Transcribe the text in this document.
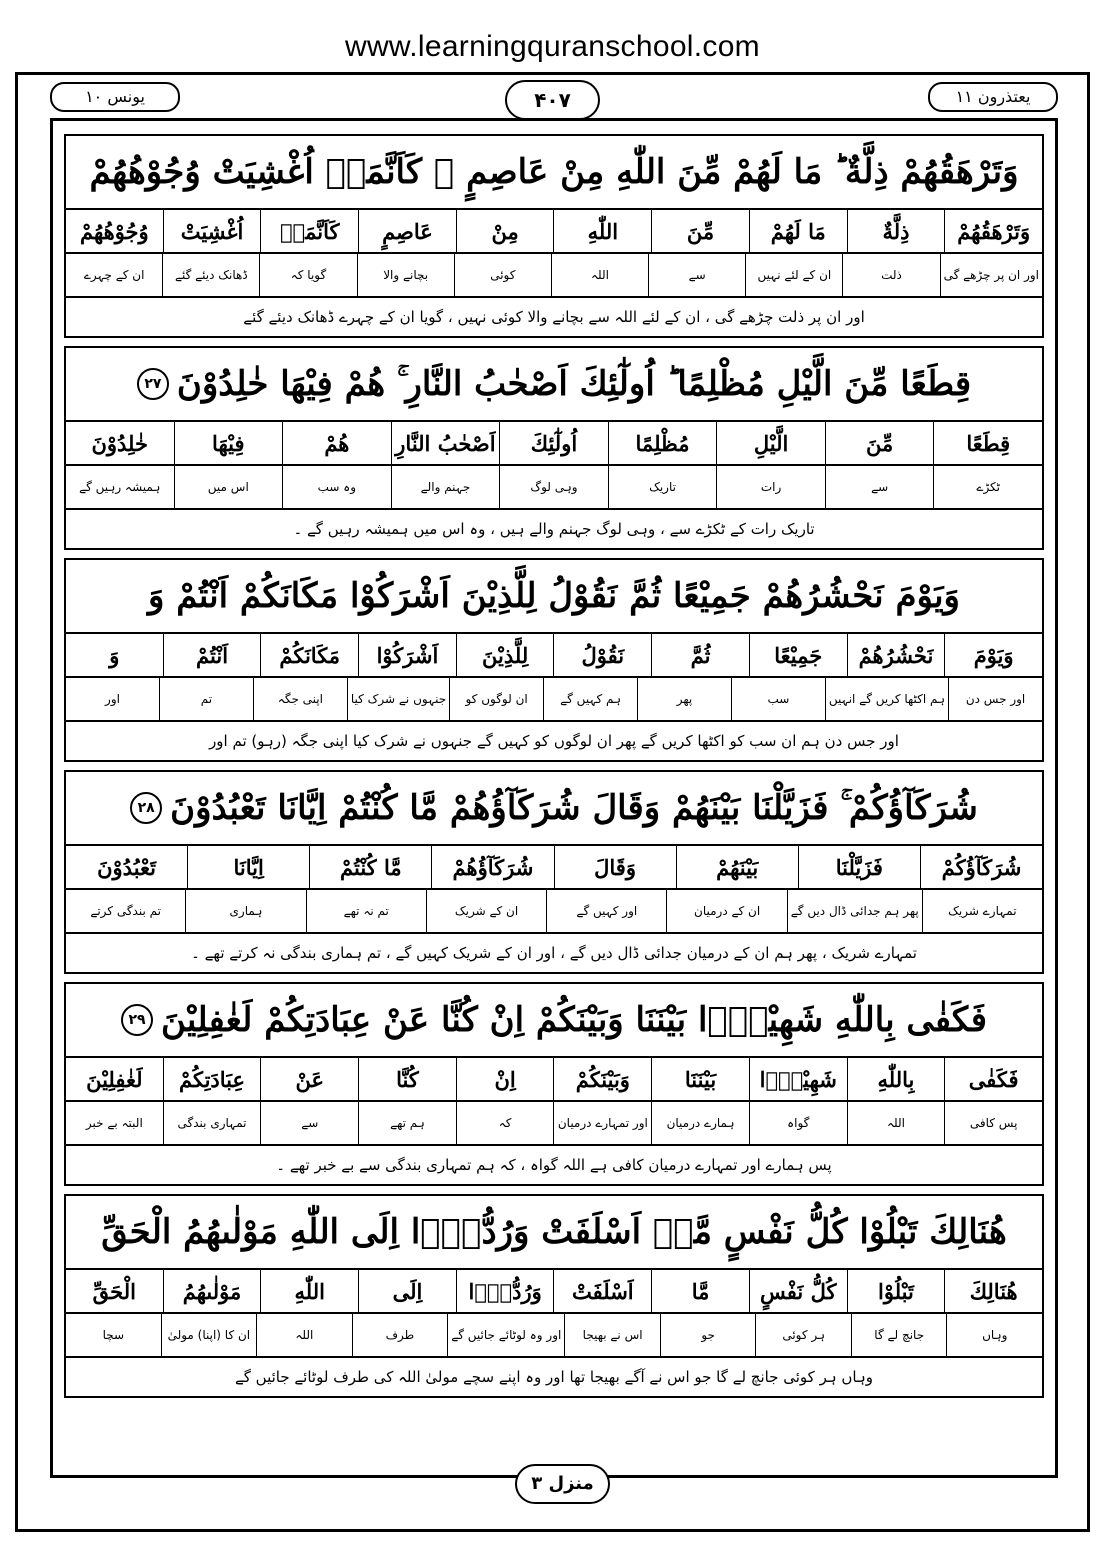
www.learningquranschool.com
یونس ۱۰	۴۰۷	یعتذرون ۱۱
وَتَرْهَقُهُمْ ذِلَّةٌ ؕ مَا لَهُمْ مِّنَ اللّٰهِ مِنْ عَاصِمٍ ۚ كَاَنَّمَاۤ اُغْشِيَتْ وُجُوْهُهُمْ
وَتَرْهَقُهُمْ
ذِلَّةٌ
مَا لَهُمْ
مِّنَ
اللّٰهِ
مِنْ
عَاصِمٍ
كَاَنَّمَاۤ
اُغْشِيَتْ
وُجُوْهُهُمْ
اور ان پر چڑھے گی
ذلت
ان کے لئے نہیں
سے
اللہ
کوئی
بچانے والا
گویا کہ
ڈھانک دیئے گئے
ان کے چہرے
اور ان پر ذلت چڑھے گی ، ان کے لئے اللہ سے بچانے والا کوئی نہیں ، گویا ان کے چہرے ڈھانک دیئے گئے
قِطَعًا مِّنَ الَّيْلِ مُظْلِمًا ؕ اُولٰٓئِكَ اَصْحٰبُ النَّارِ ۚ هُمْ فِيْهَا خٰلِدُوْنَ
۲۷
قِطَعًا
مِّنَ
الَّيْلِ
مُظْلِمًا
اُولٰٓئِكَ
اَصْحٰبُ النَّارِ
هُمْ
فِيْهَا
خٰلِدُوْنَ
ٹکڑے
سے
رات
تاریک
وہی لوگ
جہنم والے
وہ سب
اس میں
ہمیشہ رہیں گے
تاریک رات کے ٹکڑے سے ، وہی لوگ جہنم والے ہیں ، وہ اس میں ہمیشہ رہیں گے ۔
وَيَوْمَ نَحْشُرُهُمْ جَمِيْعًا ثُمَّ نَقُوْلُ لِلَّذِيْنَ اَشْرَكُوْا مَكَانَكُمْ اَنْتُمْ وَ
وَيَوْمَ
نَحْشُرُهُمْ
جَمِيْعًا
ثُمَّ
نَقُوْلُ
لِلَّذِيْنَ
اَشْرَكُوْا
مَكَانَكُمْ
اَنْتُمْ
وَ
اور جس دن
ہم اکٹھا کریں گے انہیں
سب
پھر
ہم کہیں گے
ان لوگوں کو
جنہوں نے شرک کیا
اپنی جگہ
تم
اور
اور جس دن ہم ان سب کو اکٹھا کریں گے پھر ان لوگوں کو کہیں گے جنہوں نے شرک کیا اپنی جگہ (رہو) تم اور
شُرَكَآؤُكُمْ ۚ فَزَيَّلْنَا بَيْنَهُمْ وَقَالَ شُرَكَآؤُهُمْ مَّا كُنْتُمْ اِيَّانَا تَعْبُدُوْنَ
۲۸
شُرَكَآؤُكُمْ
فَزَيَّلْنَا
بَيْنَهُمْ
وَقَالَ
شُرَكَآؤُهُمْ
مَّا كُنْتُمْ
اِيَّانَا
تَعْبُدُوْنَ
تمہارے شریک
پھر ہم جدائی ڈال دیں گے
ان کے درمیان
اور کہیں گے
ان کے شریک
تم نہ تھے
ہماری
تم بندگی کرتے
تمہارے شریک ، پھر ہم ان کے درمیان جدائی ڈال دیں گے ، اور ان کے شریک کہیں گے ، تم ہماری بندگی نہ کرتے تھے ۔
فَكَفٰى بِاللّٰهِ شَهِيْدًۢا بَيْنَنَا وَبَيْنَكُمْ اِنْ كُنَّا عَنْ عِبَادَتِكُمْ لَغٰفِلِيْنَ
۲۹
فَكَفٰى
بِاللّٰهِ
شَهِيْدًۢا
بَيْنَنَا
وَبَيْنَكُمْ
اِنْ
كُنَّا
عَنْ
عِبَادَتِكُمْ
لَغٰفِلِيْنَ
پس کافی
اللہ
گواہ
ہمارے درمیان
اور تمہارے درمیان
کہ
ہم تھے
سے
تمہاری بندگی
البتہ بے خبر
پس ہمارے اور تمہارے درمیان کافی ہے اللہ گواہ ، کہ ہم تمہاری بندگی سے بے خبر تھے ۔
هُنَالِكَ تَبْلُوْا كُلُّ نَفْسٍ مَّاۤ اَسْلَفَتْ وَرُدُّوْۤا اِلَى اللّٰهِ مَوْلٰىهُمُ الْحَقِّ
هُنَالِكَ
تَبْلُوْا
كُلُّ نَفْسٍ
مَّا
اَسْلَفَتْ
وَرُدُّوْۤا
اِلَى
اللّٰهِ
مَوْلٰىهُمُ
الْحَقِّ
وہاں
جانچ لے گا
ہر کوئی
جو
اس نے بھیجا
اور وہ لوٹائے جائیں گے
طرف
اللہ
ان کا (اپنا) مولیٰ
سچا
وہاں ہر کوئی جانچ لے گا جو اس نے آگے بھیجا تھا اور وہ اپنے سچے مولیٰ اللہ کی طرف لوٹائے جائیں گے
منزل ۳
